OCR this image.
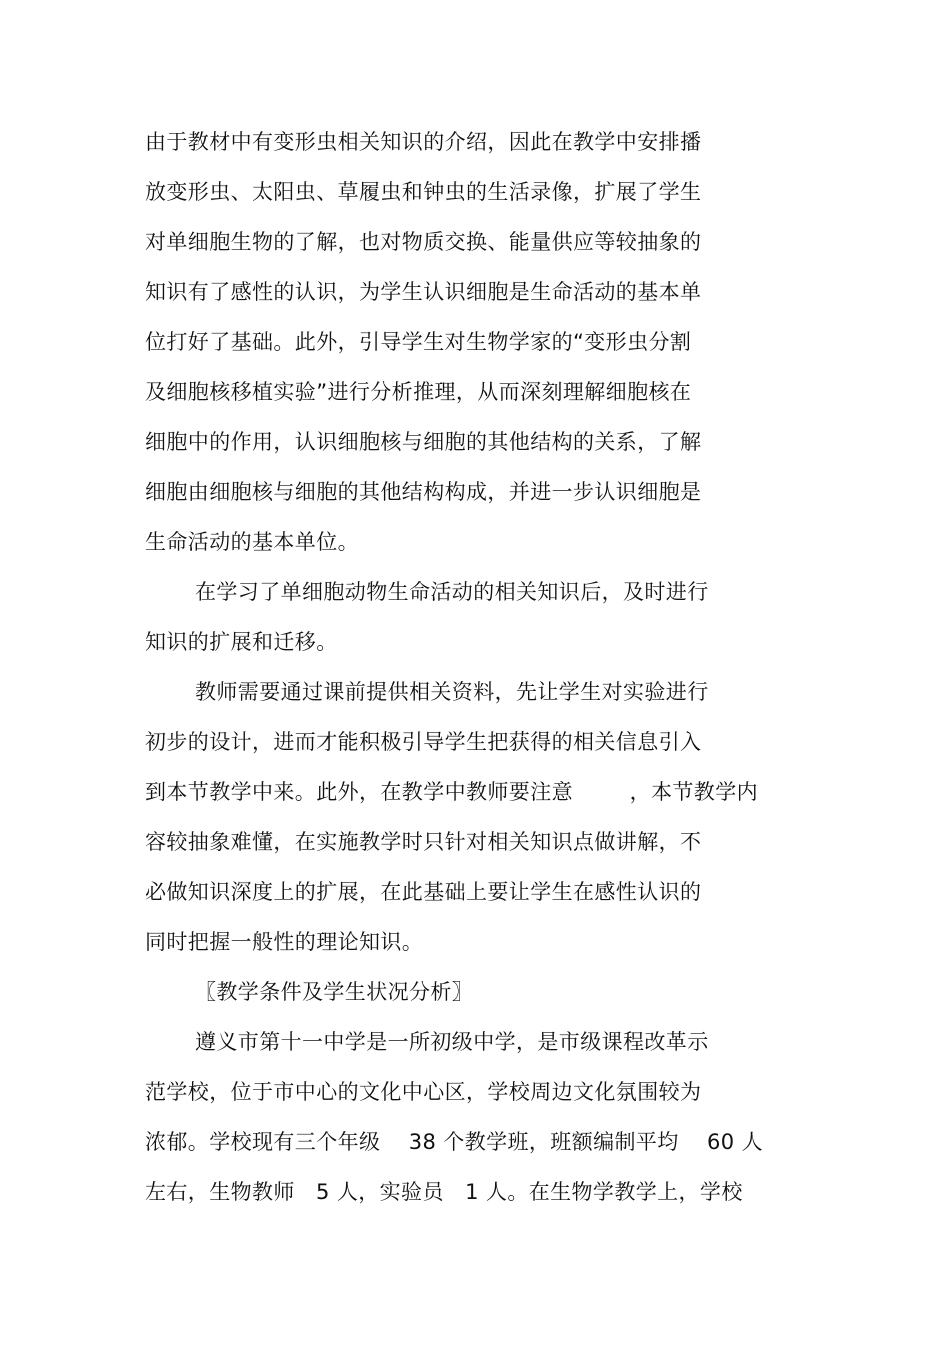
由于教材中有变形虫相关知识的介绍，因此在教学中安排播
放变形虫、太阳虫、草履虫和钟虫的生活录像，扩展了学生
对单细胞生物的了解，也对物质交换、能量供应等较抽象的
知识有了感性的认识，为学生认识细胞是生命活动的基本单
位打好了基础。此外，引导学生对生物学家的“变形虫分割
及细胞核移植实验”进行分析推理，从而深刻理解细胞核在
细胞中的作用，认识细胞核与细胞的其他结构的关系，了解
细胞由细胞核与细胞的其他结构构成，并进一步认识细胞是
生命活动的基本单位。
在学习了单细胞动物生命活动的相关知识后，及时进行
知识的扩展和迁移。
教师需要通过课前提供相关资料，先让学生对实验进行
初步的设计，进而才能积极引导学生把获得的相关信息引入
到本节教学中来。此外，在教学中教师要注意        ，本节教学内
容较抽象难懂，在实施教学时只针对相关知识点做讲解，不
必做知识深度上的扩展，在此基础上要让学生在感性认识的
同时把握一般性的理论知识。
〖教学条件及学生状况分析〗
遵义市第十一中学是一所初级中学，是市级课程改革示
范学校，位于市中心的文化中心区，学校周边文化氛围较为
浓郁。学校现有三个年级    38 个教学班，班额编制平均    60 人
左右，生物教师   5 人，实验员   1 人。在生物学教学上，学校
